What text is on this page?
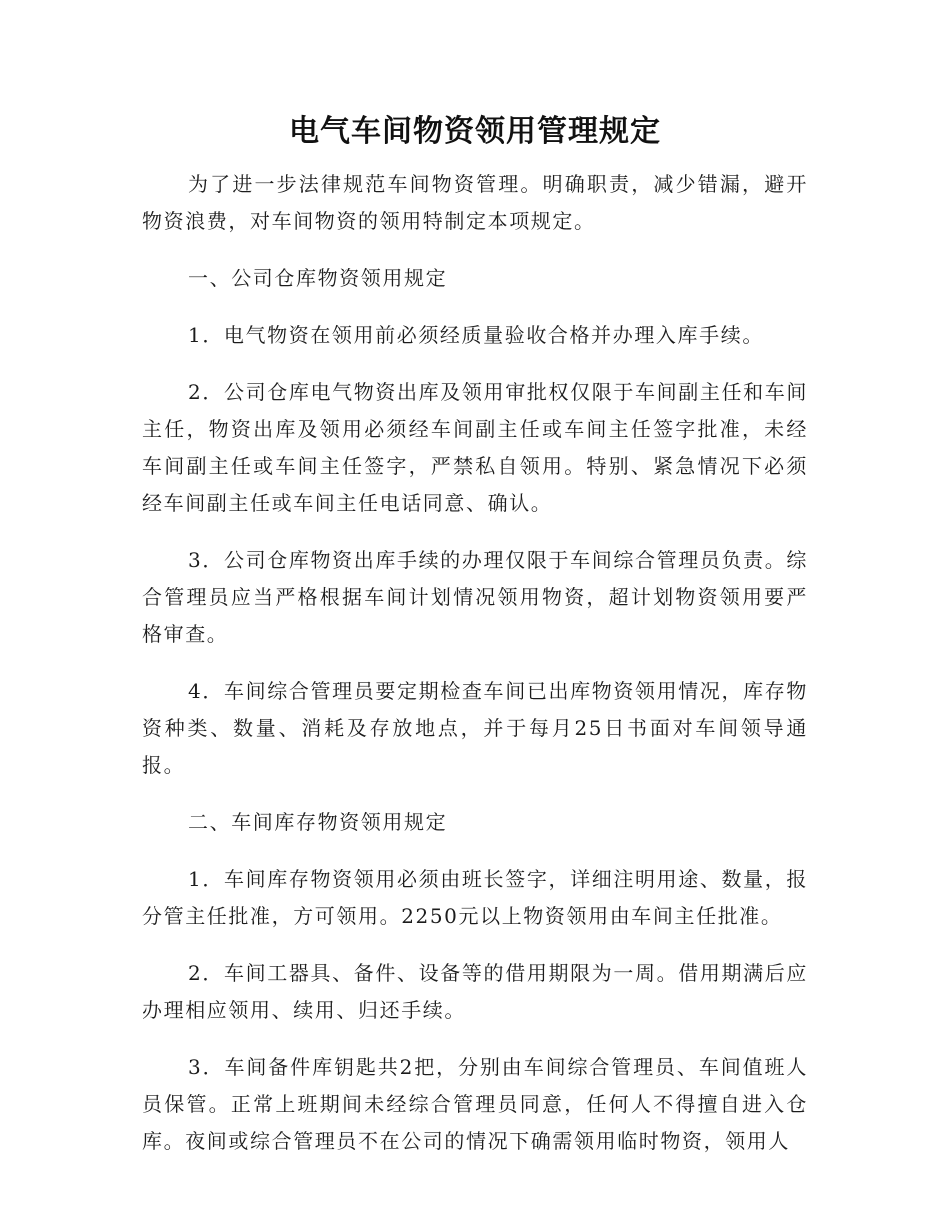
电气车间物资领用管理规定

为了进一步法律规范车间物资管理。明确职责，减少错漏，避开物资浪费，对车间物资的领用特制定本项规定。

一、公司仓库物资领用规定

1．电气物资在领用前必须经质量验收合格并办理入库手续。

2．公司仓库电气物资出库及领用审批权仅限于车间副主任和车间主任，物资出库及领用必须经车间副主任或车间主任签字批准，未经车间副主任或车间主任签字，严禁私自领用。特别、紧急情况下必须经车间副主任或车间主任电话同意、确认。

3．公司仓库物资出库手续的办理仅限于车间综合管理员负责。综合管理员应当严格根据车间计划情况领用物资，超计划物资领用要严格审查。

4．车间综合管理员要定期检查车间已出库物资领用情况，库存物资种类、数量、消耗及存放地点，并于每月25日书面对车间领导通报。

二、车间库存物资领用规定

1．车间库存物资领用必须由班长签字，详细注明用途、数量，报分管主任批准，方可领用。2250元以上物资领用由车间主任批准。

2．车间工器具、备件、设备等的借用期限为一周。借用期满后应办理相应领用、续用、归还手续。

3．车间备件库钥匙共2把，分别由车间综合管理员、车间值班人员保管。正常上班期间未经综合管理员同意，任何人不得擅自进入仓库。夜间或综合管理员不在公司的情况下确需领用临时物资，领用人
